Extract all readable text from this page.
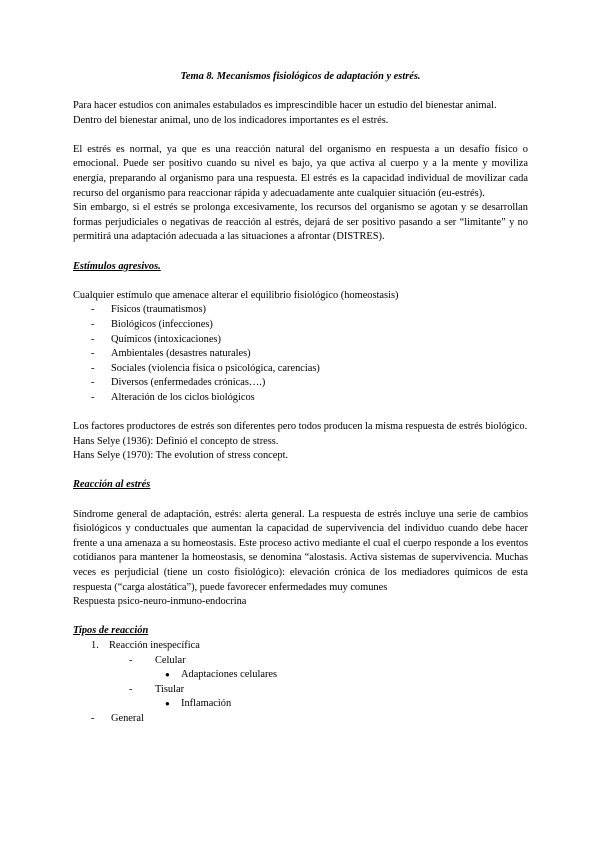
Tema 8. Mecanismos fisiológicos de adaptación y estrés.

Para hacer estudios con animales estabulados es imprescindible hacer un estudio del bienestar animal.

Dentro del bienestar animal, uno de los indicadores importantes es el estrés.

El estrés es normal, ya que es una reacción natural del organismo en respuesta a un desafío físico o emocional. Puede ser positivo cuando su nivel es bajo, ya que activa al cuerpo y a la mente y moviliza energía, preparando al organismo para una respuesta. El estrés es la capacidad individual de movilizar cada recurso del organismo para reaccionar rápida y adecuadamente ante cualquier situación (eu-estrés).

Sin embargo, si el estrés se prolonga excesivamente, los recursos del organismo se agotan y se desarrollan formas perjudiciales o negativas de reacción al estrés, dejará de ser positivo pasando a ser “limitante” y no permitirá una adaptación adecuada a las situaciones a afrontar (DISTRES).

Estímulos agresivos.

Cualquier estímulo que amenace alterar el equilibrio fisiológico (homeostasis)

- Físicos (traumatismos)
- Biológicos (infecciones)
- Químicos (intoxicaciones)
- Ambientales (desastres naturales)
- Sociales (violencia física o psicológica, carencias)
- Diversos (enfermedades crónicas….)
- Alteración de los ciclos biológicos

Los factores productores de estrés son diferentes pero todos producen la misma respuesta de estrés biológico.

Hans Selye (1936): Definió el concepto de stress.

Hans Selye (1970): The evolution of stress concept.

Reacción al estrés

Síndrome general de adaptación, estrés: alerta general. La respuesta de estrés incluye una serie de cambios fisiológicos y conductuales que aumentan la capacidad de supervivencia del individuo cuando debe hacer frente a una amenaza a su homeostasis. Este proceso activo mediante el cual el cuerpo responde a los eventos cotidianos para mantener la homeostasis, se denomina “alostasis. Activa sistemas de supervivencia. Muchas veces es perjudicial (tiene un costo fisiológico): elevación crónica de los mediadores químicos de esta respuesta (“carga alostática”), puede favorecer enfermedades muy comunes

Respuesta psico-neuro-inmuno-endocrina

Tipos de reacción

1. Reacción inespecífica
- Celular
● Adaptaciones celulares
- Tisular
● Inflamación
- General
